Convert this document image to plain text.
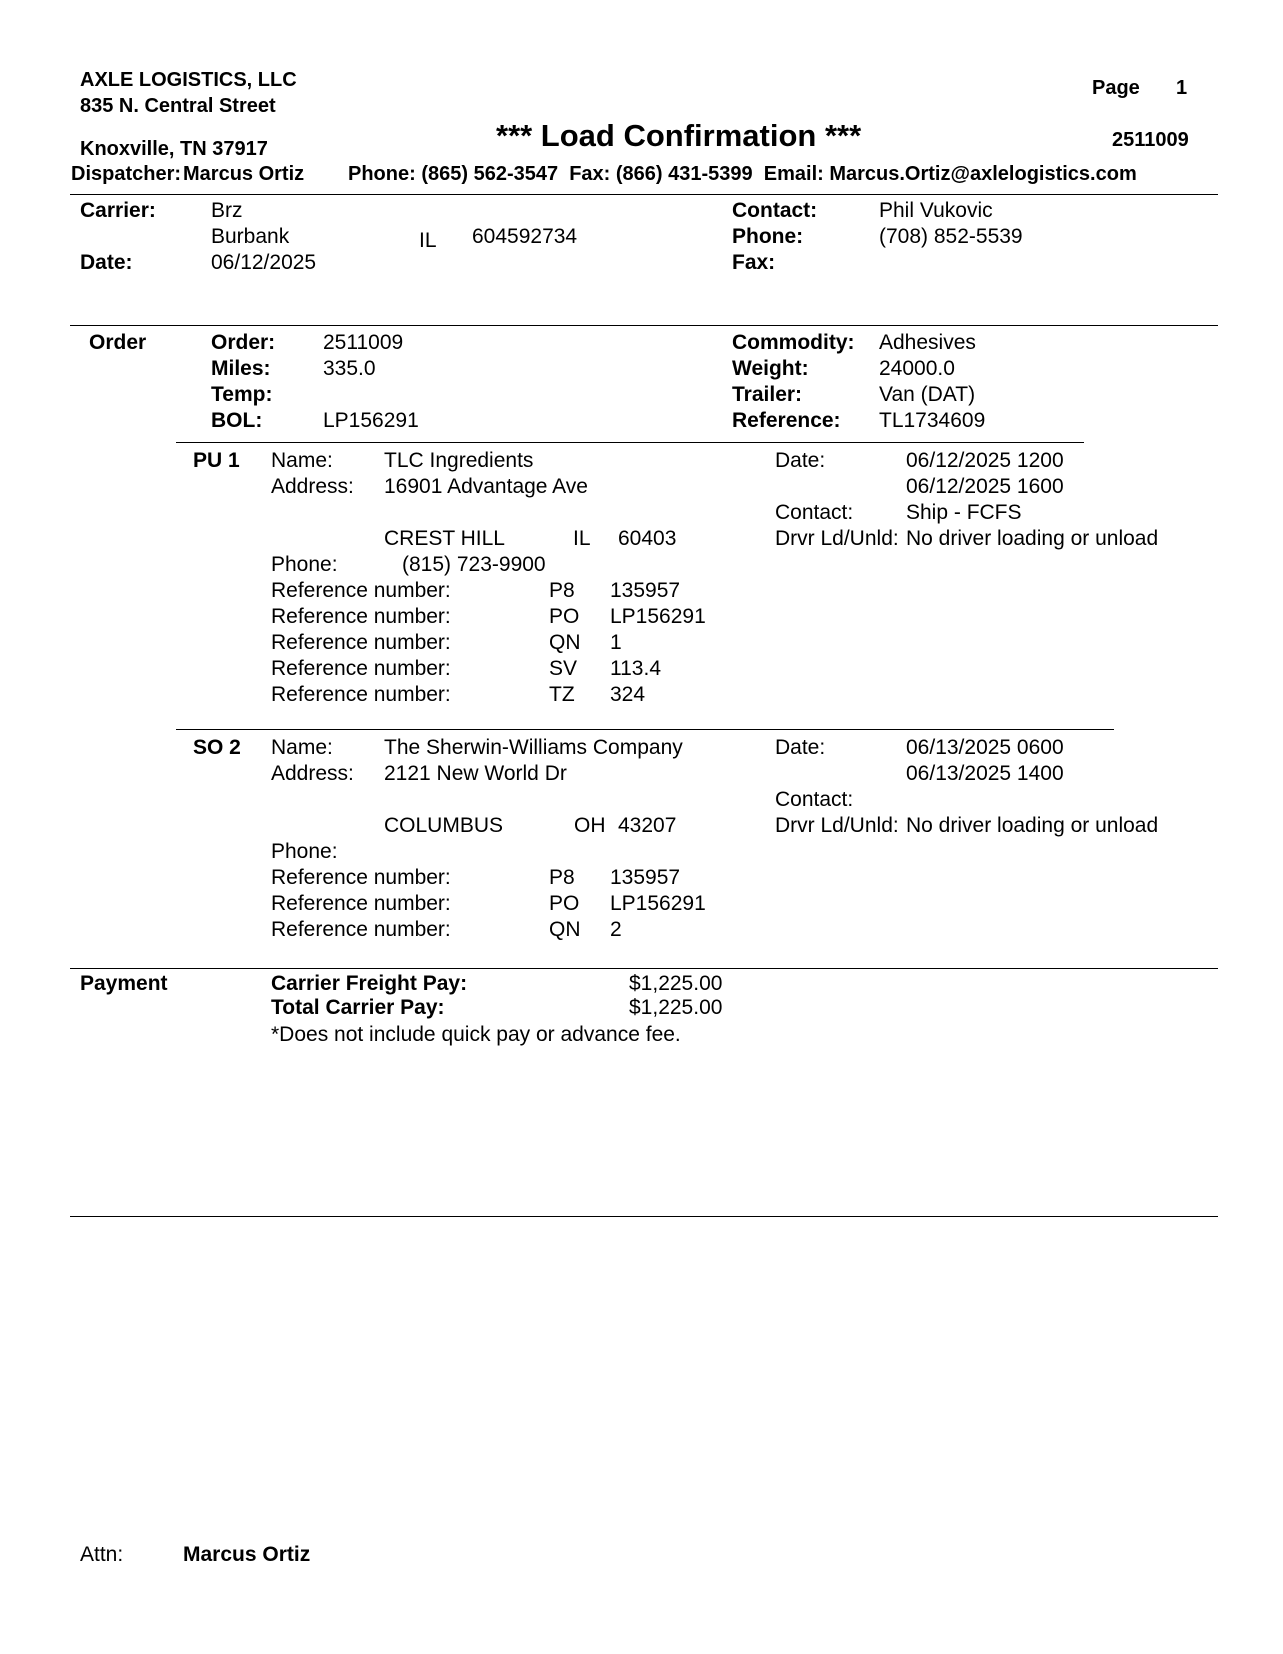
AXLE LOGISTICS, LLC
835 N. Central Street
Knoxville, TN 37917
Page 1
*** Load Confirmation ***	2511009
Dispatcher: Marcus Ortiz Phone: (865) 562-3547  Fax: (866) 431-5399  Email: Marcus.Ortiz@axlelogistics.com
Carrier:	Brz
Burbank	IL 604592734
Date:	06/12/2025
Contact:	Phil Vukovic
Phone:	(708) 852-5539
Fax:
Order	Order: 2511009
Miles: 335.0
Temp:
BOL:	LP156291
Commodity: Adhesives
Weight:	24000.0
Trailer:	Van (DAT)
Reference: TL1734609
PU 1 Name: TLC Ingredients
Address: 16901 Advantage Ave
CREST HILL	IL 60403
Phone:	(815) 723-9900
Reference number:	P8 135957
Reference number:	PO LP156291
Reference number:	QN 1
Reference number:	SV 113.4
Reference number:	TZ 324
Date:	06/12/2025 1200
06/12/2025 1600
Contact:	Ship - FCFS
Drvr Ld/Unld: No driver loading or unload
SO 2 Name: The Sherwin-Williams Company
Address: 2121 New World Dr
COLUMBUS	OH 43207
Phone:
Reference number:	P8 135957
Reference number:	PO LP156291
Reference number:	QN 2
Date:	06/13/2025 0600
06/13/2025 1400
Contact:
Drvr Ld/Unld: No driver loading or unload
Payment	Carrier Freight Pay:	$1,225.00
Total Carrier Pay:	$1,225.00
*Does not include quick pay or advance fee.
Attn:	Marcus Ortiz
